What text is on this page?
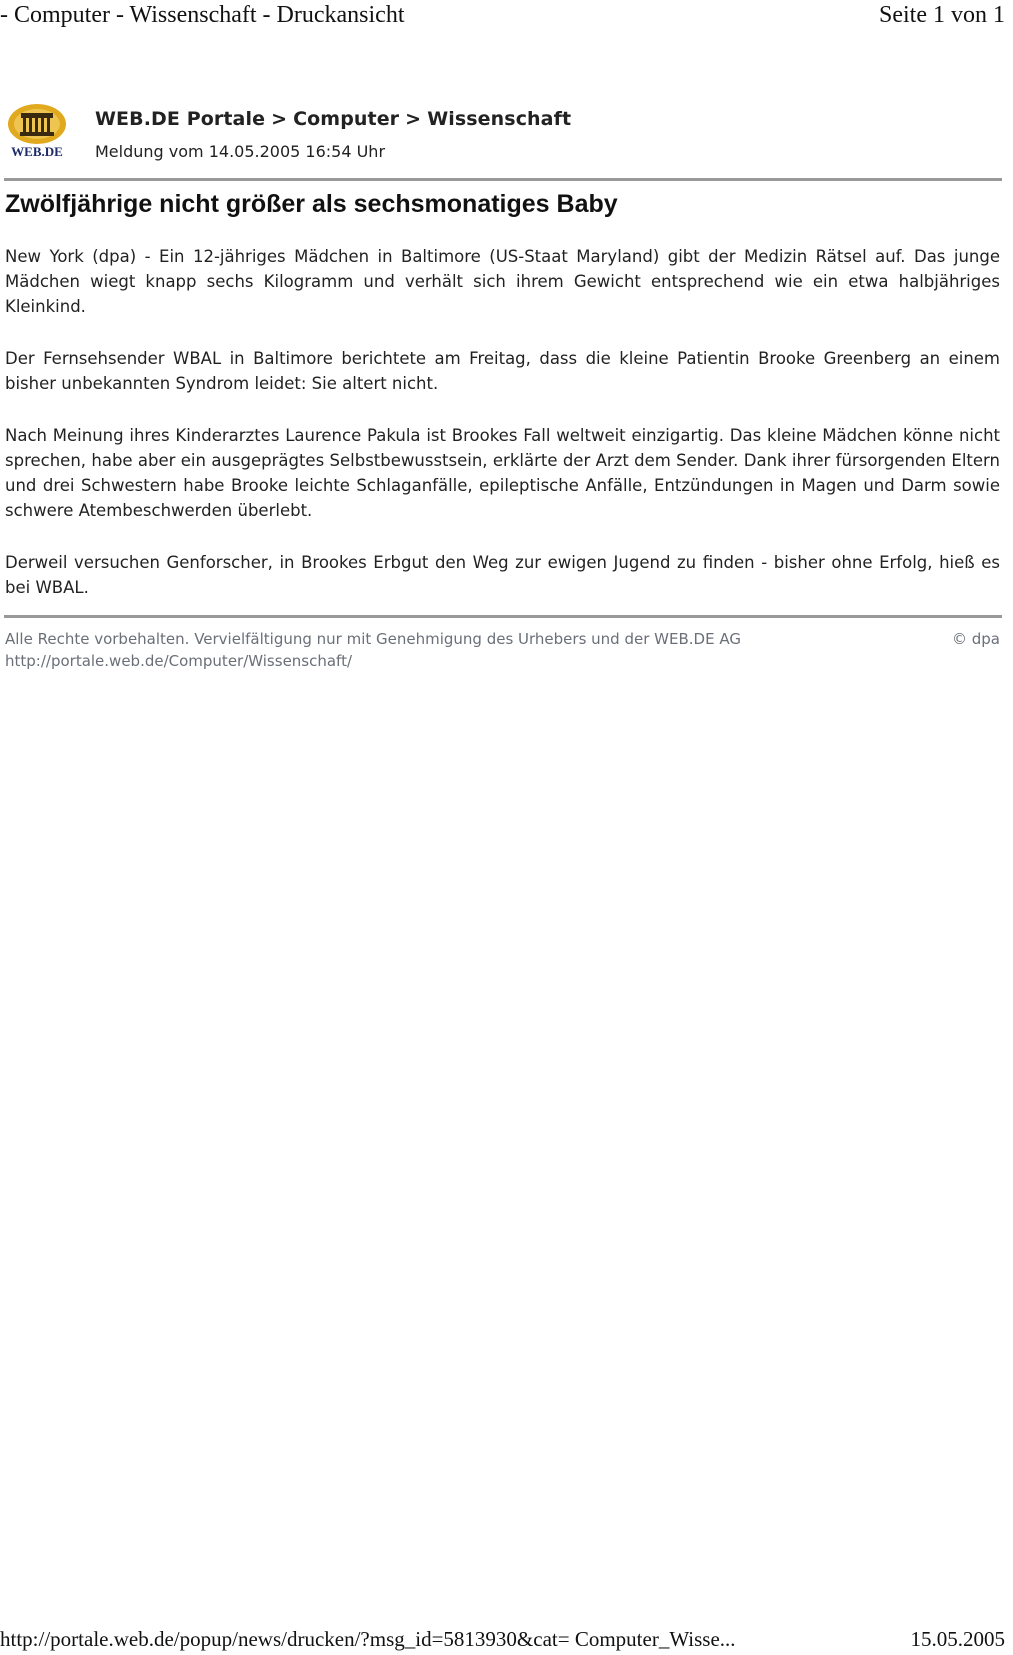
- Computer - Wissenschaft - Druckansicht	Seite 1 von 1
WEB.DE
WEB.DE Portale > Computer > Wissenschaft
Meldung vom 14.05.2005 16:54 Uhr
Zwölfjährige nicht größer als sechsmonatiges Baby

New York (dpa) - Ein 12-jähriges Mädchen in Baltimore (US-Staat Maryland) gibt der Medizin Rätsel auf. Das junge Mädchen wiegt knapp sechs Kilogramm und verhält sich ihrem Gewicht entsprechend wie ein etwa halbjähriges Kleinkind.

Der Fernsehsender WBAL in Baltimore berichtete am Freitag, dass die kleine Patientin Brooke Greenberg an einem bisher unbekannten Syndrom leidet: Sie altert nicht.

Nach Meinung ihres Kinderarztes Laurence Pakula ist Brookes Fall weltweit einzigartig. Das kleine Mädchen könne nicht sprechen, habe aber ein ausgeprägtes Selbstbewusstsein, erklärte der Arzt dem Sender. Dank ihrer fürsorgenden Eltern und drei Schwestern habe Brooke leichte Schlaganfälle, epileptische Anfälle, Entzündungen in Magen und Darm sowie schwere Atembeschwerden überlebt.

Derweil versuchen Genforscher, in Brookes Erbgut den Weg zur ewigen Jugend zu finden - bisher ohne Erfolg, hieß es bei WBAL.

Alle Rechte vorbehalten. Vervielfältigung nur mit Genehmigung des Urhebers und der WEB.DE AG	© dpa
http://portale.web.de/Computer/Wissenschaft/
http://portale.web.de/popup/news/drucken/?msg_id=5813930&cat= Computer_Wisse...	15.05.2005
